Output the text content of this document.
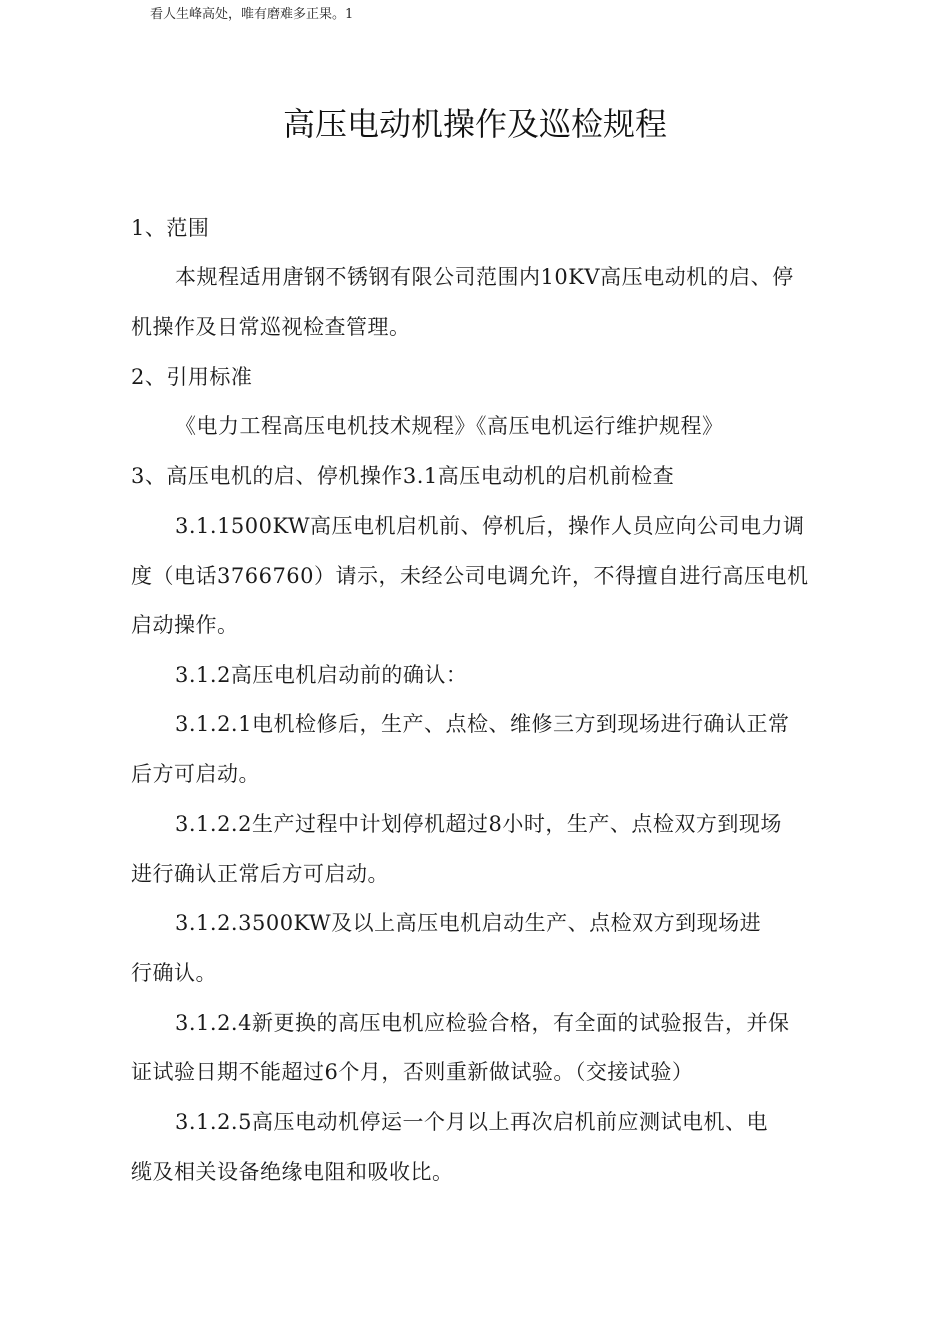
看人生峰高处，唯有磨难多正果。1
高压电动机操作及巡检规程
1、范围
本规程适用唐钢不锈钢有限公司范围内10KV高压电动机的启、停
机操作及日常巡视检查管理。
2、引用标准
《电力工程高压电机技术规程》《高压电机运行维护规程》
3、高压电机的启、停机操作3.1高压电动机的启机前检查
3.1.1500KW高压电机启机前、停机后，操作人员应向公司电力调
度（电话3766760）请示，未经公司电调允许，不得擅自进行高压电机
启动操作。
3.1.2高压电机启动前的确认：
3.1.2.1电机检修后，生产、点检、维修三方到现场进行确认正常
后方可启动。
3.1.2.2生产过程中计划停机超过8小时，生产、点检双方到现场
进行确认正常后方可启动。
3.1.2.3500KW及以上高压电机启动生产、点检双方到现场进
行确认。
3.1.2.4新更换的高压电机应检验合格，有全面的试验报告，并保
证试验日期不能超过6个月，否则重新做试验。（交接试验）
3.1.2.5高压电动机停运一个月以上再次启机前应测试电机、电
缆及相关设备绝缘电阻和吸收比。
